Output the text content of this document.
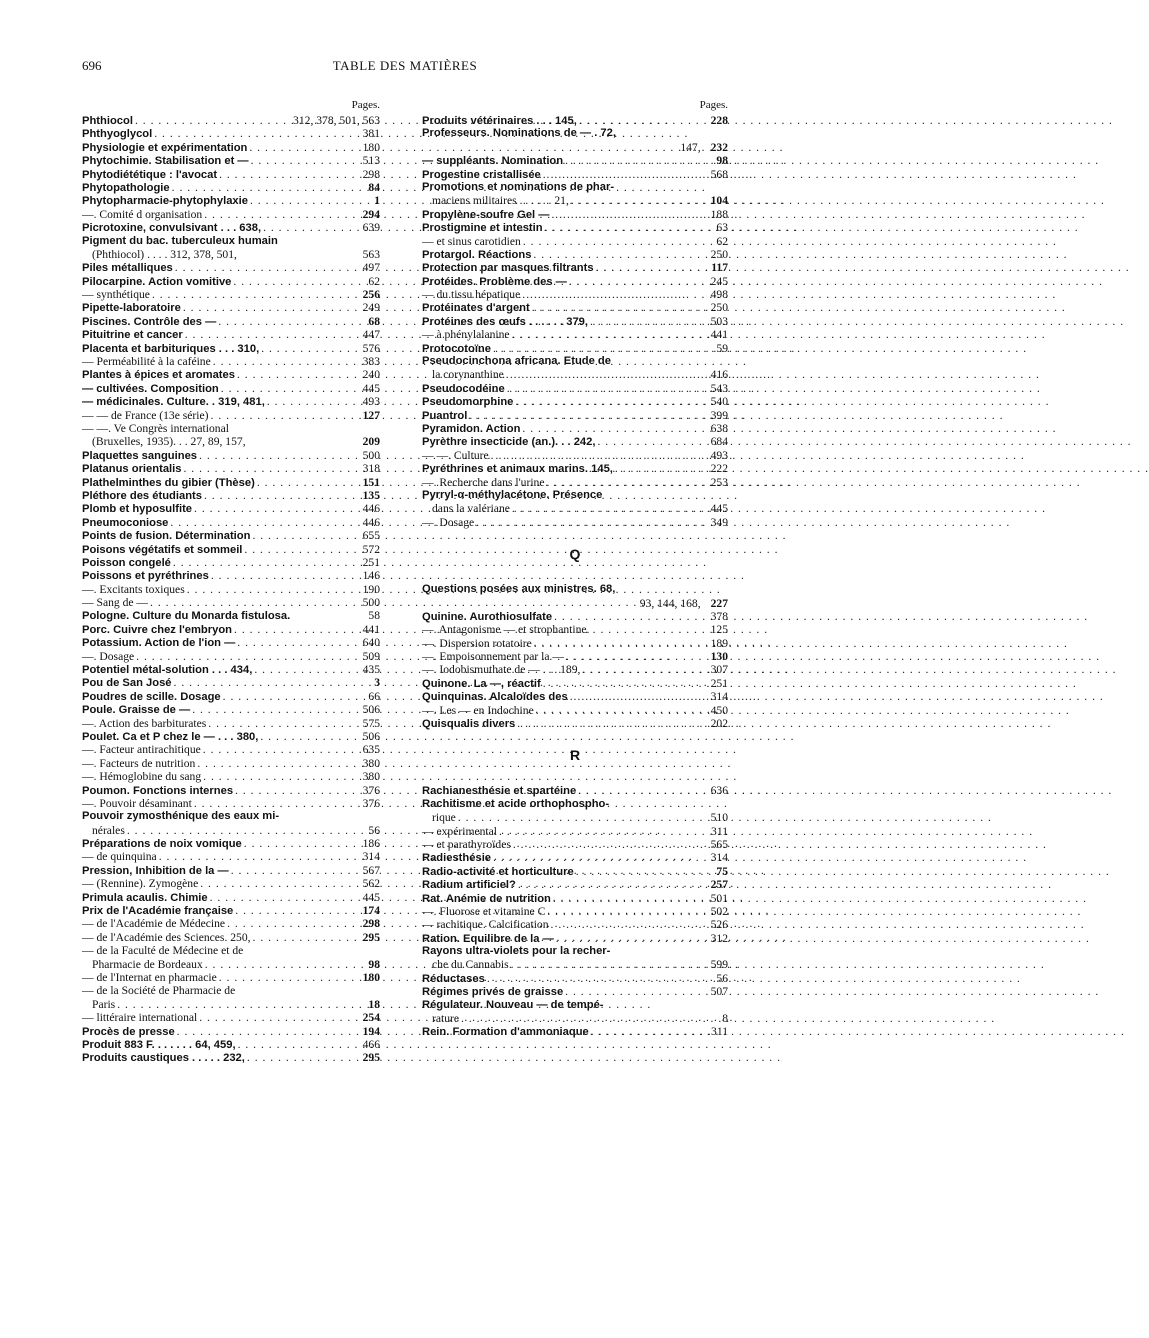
696	TABLE DES MATIÈRES
Pages.
Phthiocol . . .	312, 378, 501, 563
Phthyoglycol . . .	381
Physiologie et expérimentation . . .	180
Phytochimie. Stabilisation et — . . .	513
Phytodiététique : l'avocat . . .	298
Phytopathologie . . .	84
Phytopharmacie-phytophylaxie . . .	1
—. Comité d organisation . . .	294
Picrotoxine, convulsivant . . . 638, . . .	639
Pigment du bac. tuberculeux humain
(Phthiocol) . . . . 312, 378, 501,	563
Piles métalliques . . .	497
Pilocarpine. Action vomitive . . .	62
— synthétique . . .	256
Pipette-laboratoire . . .	249
Piscines. Contrôle des — . . .	68
Pituitrine et cancer . . .	447
Placenta et barbituriques . . . 310, . . .	576
— Perméabilité à la caféine . . .	383
Plantes à épices et aromates . . .	240
— cultivées. Composition . . .	445
— médicinales. Culture. . 319, 481, . . .	493
— — de France (13e série) . . .	127
— —. Ve Congrès international
(Bruxelles, 1935). . . 27, 89, 157,	209
Plaquettes sanguines . . .	500
Platanus orientalis . . .	318
Plathelminthes du gibier (Thèse) . . .	151
Pléthore des étudiants . . .	135
Plomb et hyposulfite . . .	446
Pneumoconiose . . .	446
Points de fusion. Détermination . . .	655
Poisons végétatifs et sommeil . . .	572
Poisson congelé . . .	251
Poissons et pyréthrines . . .	146
—. Excitants toxiques . . .	190
— Sang de — . . .	500
Pologne. Culture du Monarda fistulosa.	58
Porc. Cuivre chez l'embryon . . .	441
Potassium. Action de l'ion — . . .	640
—. Dosage . . .	509
Potentiel métal-solution . . . 434, . . .	435
Pou de San José . . .	3
Poudres de scille. Dosage . . .	66
Poule. Graisse de — . . .	506
—. Action des barbiturates . . .	575
Poulet. Ca et P chez le — . . . 380, . . .	506
—. Facteur antirachitique . . .	635
—. Facteurs de nutrition . . .	380
—. Hémoglobine du sang . . .	380
Poumon. Fonctions internes . . .	376
—. Pouvoir désaminant . . .	376
Pouvoir zymosthénique des eaux mi-
nérales . . .	56
Préparations de noix vomique . . .	186
— de quinquina . . .	314
Pression, Inhibition de la — . . .	567
— (Rennine). Zymogène . . .	562
Primula acaulis. Chimie . . .	445
Prix de l'Académie française . . .	174
— de l'Académie de Médecine . . .	298
— de l'Académie des Sciences. 250, . . .	295
— de la Faculté de Médecine et de
Pharmacie de Bordeaux . . .	98
— de l'Internat en pharmacie . . .	180
— de la Société de Pharmacie de
Paris . . .	18
— littéraire international . . .	254
Procès de presse . . .	194
Produit 883 F. . . . . . . 64, 459, . . .	466
Produits caustiques . . . . . 232, . . .	295
Pages.
Produits vétérinaires . . . 145, . . .	228
Professeurs. Nominations de — . 72,
147, 232
— suppléants. Nomination . . .	98
Progestine cristallisée . . .	568
Promotions et nominations de phar-
maciens militaires . . . . . . 21, . . .	104
Propylène-soufre Gel — . . .	188
Prostigmine et intestin . . .	63
— et sinus carotidien . . .	62
Protargol. Réactions . . .	250
Protection par masques filtrants . . .	117
Protéides. Problème des — . . .	245
— du tissu hépatique . . .	498
Protéinates d'argent . . .	250
Protéines des œufs . . . . . . 379, . . .	503
— à phénylalanine . . .	441
Protocotoïne . . .	59
Pseudocinchona africana. Etude de
la corynanthine . . .	416
Pseudocodéine . . .	543
Pseudomorphine . . .	540
Puantrol . . .	399
Pyramidon. Action . . .	638
Pyrèthre insecticide (an.). . . 242, . . .	684
— —. Culture . . .	493
Pyréthrines et animaux marins. 145, . . .	222
—. Recherche dans l'urine . . .	253
Pyrryl-α-méthylacétone. Présence
dans la valériane . . .	445
—. Dosage . . .	349
Q
Questions posées aux ministres. 68,
93, 144, 168, 227
Quinine. Aurothiosulfate . . .	378
—. Antagonisme — et strophantine.	125
—. Dispersion rotatoire . . .	189
—. Empoisonnement par la — . . .	130
—. Iodobismuthate de — . . . 189, . . .	307
Quinone. La —, réactif . . .	251
Quinquinas. Alcaloïdes des . . .	314
—. Les — en Indochine . . .	450
Quisqualis divers . . .	202
R
Rachianesthésie et spartéine . . .	636
Rachitisme et acide orthophospho-
rique . . .	510
— expérimental . . .	311
— et parathyroïdes . . .	565
Radiesthésie . . .	314
Radio-activité et horticulture . . .	75
Radium artificiel? . . .	257
Rat. Anémie de nutrition . . .	501
—. Fluorose et vitamine C . . .	502
— rachitique. Calcification . . .	526
Ration. Equilibre de la — . . .	312
Rayons ultra-violets pour la recher-
che du Cannabis . . .	599
Réductases . . .	56
Régimes privés de graisse . . .	507
Régulateur. Nouveau — de tempé-
rature . . .	8
Rein. Formation d'ammoniaque . . .	311
